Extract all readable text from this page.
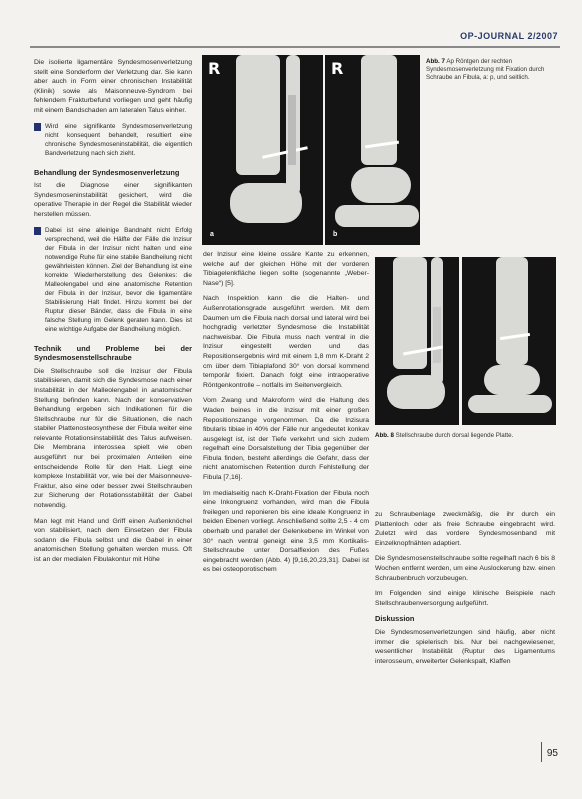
OP-JOURNAL 2/2007

Die isolierte ligamentäre Syndesmosenverletzung stellt eine Sonderform der Verletzung dar. Sie kann aber auch in Form einer chronischen Instabilität (Klinik) sowie als Maisonneuve-Syndrom bei fehlendem Frakturbefund vorliegen und geht häufig mit einem Bandschaden am lateralen Talus einher.

Wird eine signifikante Syndesmosenverletzung nicht konsequent behandelt, resultiert eine chronische Syndesmoseninstabilität, die eigentlich Bandverletzung nach sich zieht.
Behandlung der Syndesmosenverletzung

Ist die Diagnose einer signifikanten Syndesmoseninstabilität gesichert, wird die operative Therapie in der Regel die Stabilität wieder herstellen müssen.

Dabei ist eine alleinige Bandnaht nicht Erfolg versprechend, weil die Hälfte der Fälle die Inzisur der Fibula in der Inzisur nicht halten und eine notwendige Ruhe für eine stabile Bandheilung nicht gewährleisten können. Ziel der Behandlung ist eine korrekte Wiederherstellung des Gelenkes: die Malleolengabel und eine anatomische Retention der Fibula in der Inzisur, bevor die ligamentäre Stabilisierung Halt findet. Hinzu kommt bei der Ruptur dieser Bänder, dass die Fibula in eine falsche Stellung im Gelenk geraten kann. Dies ist eine wichtige Aufgabe der Bandheilung möglich.
Technik und Probleme bei der Syndesmosenstellschraube

Die Stellschraube soll die Inzisur der Fibula stabilisieren, damit sich die Syndesmose nach einer Instabilität in der Malleolengabel in anatomischer Stellung befinden kann. Nach der konservativen Behandlung ergeben sich Indikationen für die Stellschraube nur für die Situationen, die nach stabiler Plattenosteosynthese der Fibula weiter eine relevante Rotationsinstabilität des Talus aufweisen. Die Membrana interossea spielt wie oben ausgeführt nur bei proximalen Anteilen eine entscheidende Rolle für den Halt. Liegt eine komplexe Instabilität vor, wie bei der Maisonneuve-Fraktur, also eine oder besser zwei Stellschrauben zur Sicherung der Rotationsstabilität der Gabel notwendig.

Man legt mit Hand und Griff einen Außenknöchel von stabilisiert, nach dem Einsetzen der Fibula sodann die Fibula selbst und die Gabel in einer anatomischen Stellung gehalten werden muss. Oft ist an der medialen Fibulakontur mit Höhe

R
a
R
b
Abb. 7 Ap Röntgen der rechten Syndesmosenverletzung mit Fixation durch Schraube an Fibula, a: p, und seitlich.

der Inzisur eine kleine ossäre Kante zu erkennen, welche auf der gleichen Höhe mit der vorderen Tibiagelenkfläche liegen sollte (sogenannte „Weber-Nase“) [5].

Nach Inspektion kann die die Halten- und Außenrotationsgrade ausgeführt werden. Mit dem Daumen um die Fibula nach dorsal und lateral wird bei hochgradig verletzter Syndesmose die Instabilität nachweisbar. Die Fibula muss nach ventral in die Inzisur eingestellt werden und das Repositionsergebnis wird mit einem 1,8 mm K-Draht 2 cm über dem Tibiaplafond 30° von dorsal kommend temporär fixiert. Danach folgt eine intraoperative Röntgenkontrolle – notfalls im Seitenvergleich.

Vom Zwang und Makroform wird die Haltung des Waden beines in die Inzisur mit einer großen Repositionszange vorgenommen. Da die Inzisura fibularis tibiae in 40% der Fälle nur angedeutet konkav ausgelegt ist, ist der Tiefe verkehrt und sich zudem regelhaft eine Dorsalstellung der Tibia gegenüber der Fibula finden, besteht allerdings die Gefahr, dass der nicht anatomischen Retention durch Fehlstellung der Fibula [7,16].

Im medialseitig nach K-Draht-Fixation der Fibula noch eine Inkongruenz vorhanden, wird man die Fibula freilegen und reponieren bis eine ideale Kongruenz in beiden Ebenen vorliegt. Anschließend sollte 2,5 - 4 cm oberhalb und parallel der Gelenkebene im Winkel von 30° nach ventral geneigt eine 3,5 mm Kortikalis-Stellschraube unter Dorsalflexion des Fußes eingebracht werden (Abb. 4) [9,16,20,23,31]. Dabei ist es bei osteoporotischem

Abb. 8 Stellschraube durch dorsal liegende Platte.

zu Schraubenlage zweckmäßig, die ihr durch ein Plattenloch oder als freie Schraube eingebracht wird. Zuletzt wird das vordere Syndesmosenband mit Einzelknopfnähten adaptiert.

Die Syndesmosenstellschraube sollte regelhaft nach 6 bis 8 Wochen entfernt werden, um eine Auslockerung bzw. einen Schraubenbruch vorzubeugen.

Im Folgenden sind einige klinische Beispiele nach Stellschraubenversorgung aufgeführt.

Diskussion

Die Syndesmosenverletzungen sind häufig, aber nicht immer die spielerisch bis. Nur bei nachgewiesener, wesentlicher Instabilität (Ruptur des Ligamentums interosseum, erweiterter Gelenkspalt, Klaffen

95
